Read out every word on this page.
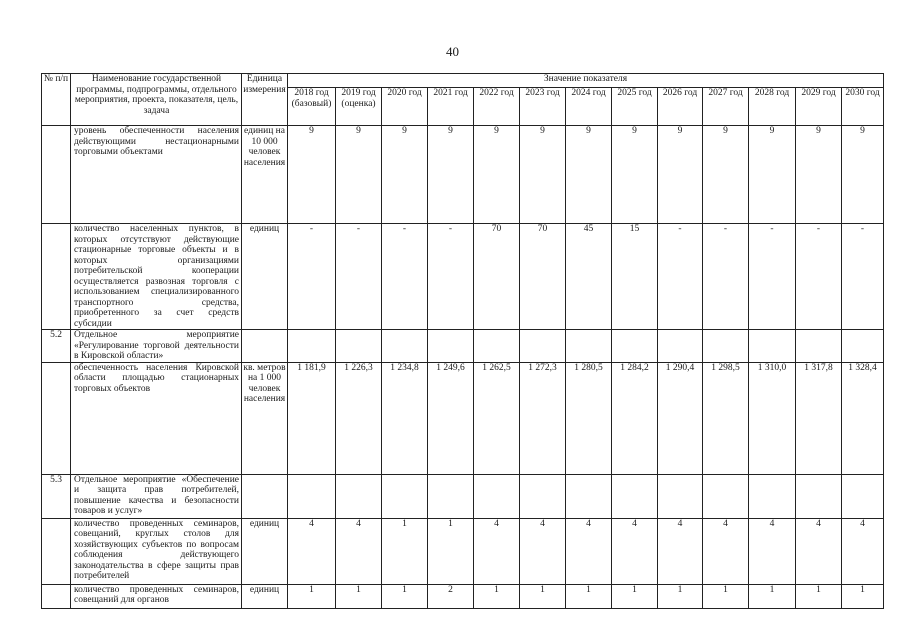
40
№ п/п	Наименование государственной программы, подпрограммы, отдельного мероприятия, проекта, показателя, цель, задача	Единица измерения	Значение показателя												
			2018 год (базовый)	2019 год (оценка)	2020 год	2021 год	2022 год	2023 год	2024 год	2025 год	2026 год	2027 год	2028 год	2029 год	2030 год
	уровень обеспеченности населения действующими нестационарными торговыми объектами	единиц на 10 000 человек населения	9	9	9	9	9	9	9	9	9	9	9	9	9
	количество населенных пунктов, в которых отсутствуют действующие стационарные торговые объекты и в которых организациями потребительской кооперации осуществляется развозная торговля с использованием специализированного транспортного средства, приобретенного за счет средств субсидии	единиц	-	-	-	-	70	70	45	15	-	-	-	-	-
5.2	Отдельное мероприятие «Регулирование торговой деятельности в Кировской области»														
	обеспеченность населения Кировской области площадью стационарных торговых объектов	кв. метров на 1 000 человек населения	1 181,9	1 226,3	1 234,8	1 249,6	1 262,5	1 272,3	1 280,5	1 284,2	1 290,4	1 298,5	1 310,0	1 317,8	1 328,4
5.3	Отдельное мероприятие «Обеспечение и защита прав потребителей, повышение качества и безопасности товаров и услуг»														
	количество проведенных семинаров, совещаний, круглых столов для хозяйствующих субъектов по вопросам соблюдения действующего законодательства в сфере защиты прав потребителей	единиц	4	4	1	1	4	4	4	4	4	4	4	4	4
	количество проведенных семинаров, совещаний для органов	единиц	1	1	1	2	1	1	1	1	1	1	1	1	1
